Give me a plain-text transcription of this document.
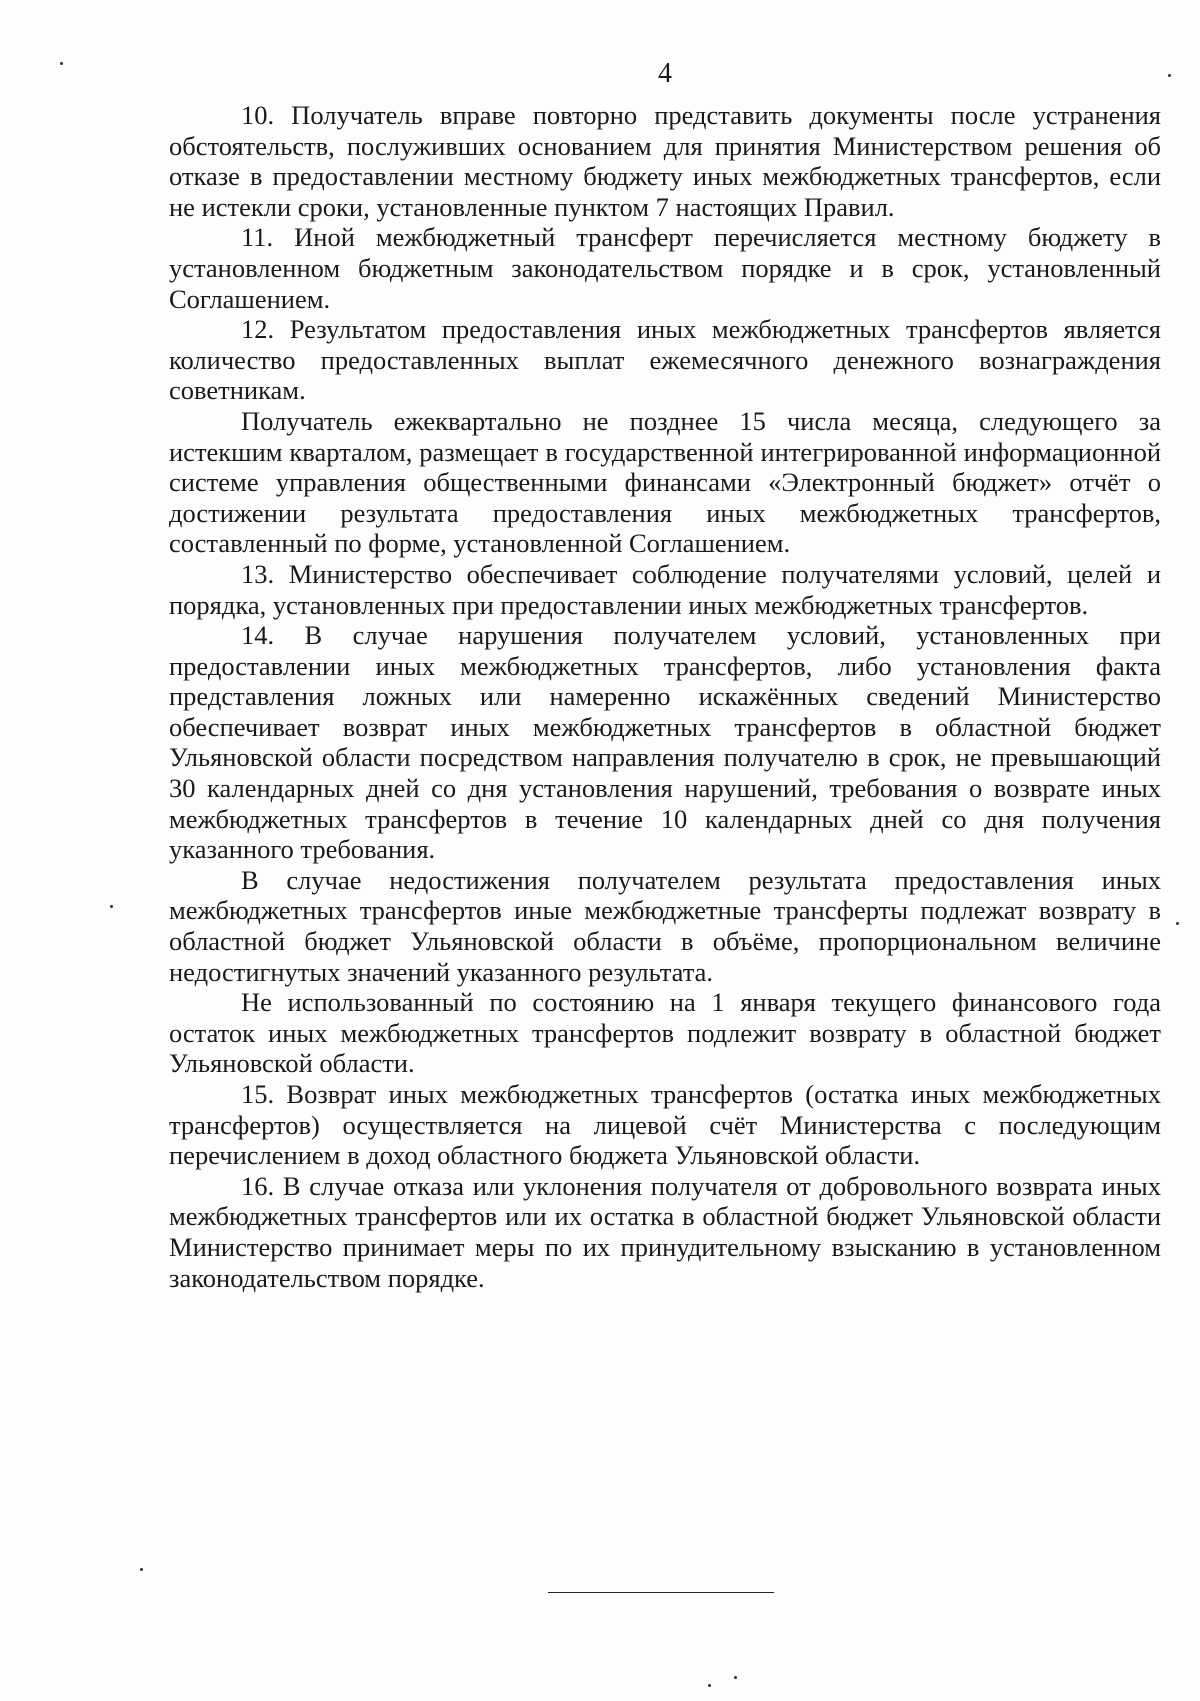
4

10. Получатель вправе повторно представить документы после устранения обстоятельств, послуживших основанием для принятия Министерством решения об отказе в предоставлении местному бюджету иных межбюджетных трансфертов, если не истекли сроки, установленные пунктом 7 настоящих Правил.

11. Иной межбюджетный трансферт перечисляется местному бюджету в установленном бюджетным законодательством порядке и в срок, установленный Соглашением.

12. Результатом предоставления иных межбюджетных трансфертов является количество предоставленных выплат ежемесячного денежного вознаграждения советникам.

Получатель ежеквартально не позднее 15 числа месяца, следующего за истекшим кварталом, размещает в государственной интегрированной информационной системе управления общественными финансами «Электронный бюджет» отчёт о достижении результата предоставления иных межбюджетных трансфертов, составленный по форме, установленной Соглашением.

13. Министерство обеспечивает соблюдение получателями условий, целей и порядка, установленных при предоставлении иных межбюджетных трансфертов.

14. В случае нарушения получателем условий, установленных при предоставлении иных межбюджетных трансфертов, либо установления факта представления ложных или намеренно искажённых сведений Министерство обеспечивает возврат иных межбюджетных трансфертов в областной бюджет Ульяновской области посредством направления получателю в срок, не превышающий 30 календарных дней со дня установления нарушений, требования о возврате иных межбюджетных трансфертов в течение 10 календарных дней со дня получения указанного требования.

В случае недостижения получателем результата предоставления иных межбюджетных трансфертов иные межбюджетные трансферты подлежат возврату в областной бюджет Ульяновской области в объёме, пропорциональном величине недостигнутых значений указанного результата.

Не использованный по состоянию на 1 января текущего финансового года остаток иных межбюджетных трансфертов подлежит возврату в областной бюджет Ульяновской области.

15. Возврат иных межбюджетных трансфертов (остатка иных межбюджетных трансфертов) осуществляется на лицевой счёт Министерства с последующим перечислением в доход областного бюджета Ульяновской области.

16. В случае отказа или уклонения получателя от добровольного возврата иных межбюджетных трансфертов или их остатка в областной бюджет Ульяновской области Министерство принимает меры по их принудительному взысканию в установленном законодательством порядке.
